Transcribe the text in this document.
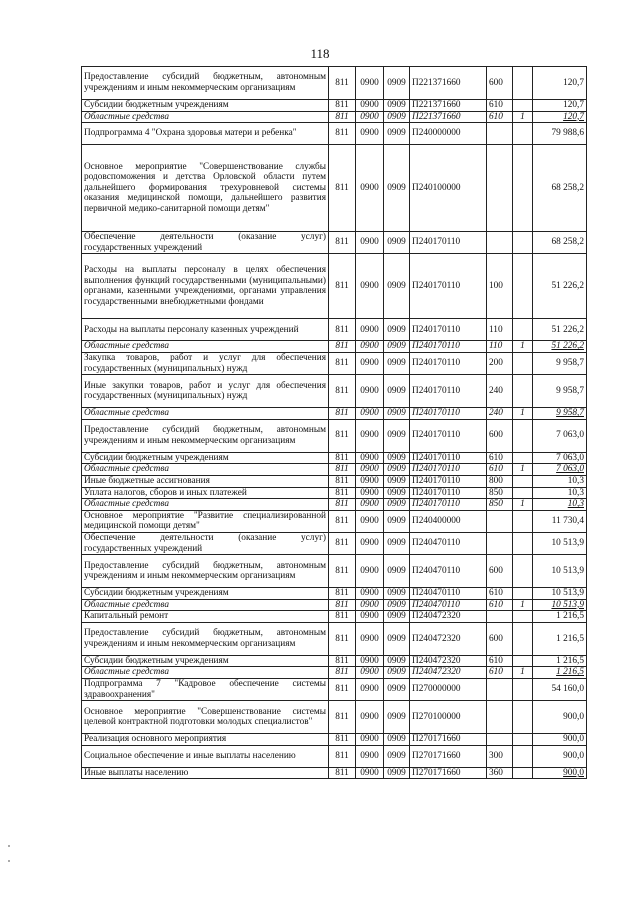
118
Предоставление субсидий бюджетным, автономным учреждениям и иным некоммерческим организациям	811	0900	0909	П221371660	600		120,7
Субсидии бюджетным учреждениям	811	0900	0909	П221371660	610		120,7
Областные средства	811	0900	0909	П221371660	610	1	120,7
Подпрограмма 4 "Охрана здоровья матери и ребенка"	811	0900	0909	П240000000			79 988,6
Основное мероприятие "Совершенствование службы родовспоможения и детства Орловской области путем дальнейшего формирования трехуровневой системы оказания медицинской помощи, дальнейшего развития первичной медико-санитарной помощи детям"	811	0900	0909	П240100000			68 258,2
Обеспечение деятельности (оказание услуг) государственных учреждений	811	0900	0909	П240170110			68 258,2
Расходы на выплаты персоналу в целях обеспечения выполнения функций государственными (муниципальными) органами, казенными учреждениями, органами управления государственными внебюджетными фондами	811	0900	0909	П240170110	100		51 226,2
Расходы на выплаты персоналу казенных учреждений	811	0900	0909	П240170110	110		51 226,2
Областные средства	811	0900	0909	П240170110	110	1	51 226,2
Закупка товаров, работ и услуг для обеспечения государственных (муниципальных) нужд	811	0900	0909	П240170110	200		9 958,7
Иные закупки товаров, работ и услуг для обеспечения государственных (муниципальных) нужд	811	0900	0909	П240170110	240		9 958,7
Областные средства	811	0900	0909	П240170110	240	1	9 958,7
Предоставление субсидий бюджетным, автономным учреждениям и иным некоммерческим организациям	811	0900	0909	П240170110	600		7 063,0
Субсидии бюджетным учреждениям	811	0900	0909	П240170110	610		7 063,0
Областные средства	811	0900	0909	П240170110	610	1	7 063,0
Иные бюджетные ассигнования	811	0900	0909	П240170110	800		10,3
Уплата налогов, сборов и иных платежей	811	0900	0909	П240170110	850		10,3
Областные средства	811	0900	0909	П240170110	850	1	10,3
Основное мероприятие "Развитие специализированной медицинской помощи детям"	811	0900	0909	П240400000			11 730,4
Обеспечение деятельности (оказание услуг) государственных учреждений	811	0900	0909	П240470110			10 513,9
Предоставление субсидий бюджетным, автономным учреждениям и иным некоммерческим организациям	811	0900	0909	П240470110	600		10 513,9
Субсидии бюджетным учреждениям	811	0900	0909	П240470110	610		10 513,9
Областные средства	811	0900	0909	П240470110	610	1	10 513,9
Капитальный ремонт	811	0900	0909	П240472320			1 216,5
Предоставление субсидий бюджетным, автономным учреждениям и иным некоммерческим организациям	811	0900	0909	П240472320	600		1 216,5
Субсидии бюджетным учреждениям	811	0900	0909	П240472320	610		1 216,5
Областные средства	811	0900	0909	П240472320	610	1	1 216,5
Подпрограмма 7 "Кадровое обеспечение системы здравоохранения"	811	0900	0909	П270000000			54 160,0
Основное мероприятие "Совершенствование системы целевой контрактной подготовки молодых специалистов"	811	0900	0909	П270100000			900,0
Реализация основного мероприятия	811	0900	0909	П270171660			900,0
Социальное обеспечение и иные выплаты населению	811	0900	0909	П270171660	300		900,0
Иные выплаты населению	811	0900	0909	П270171660	360		900,0
